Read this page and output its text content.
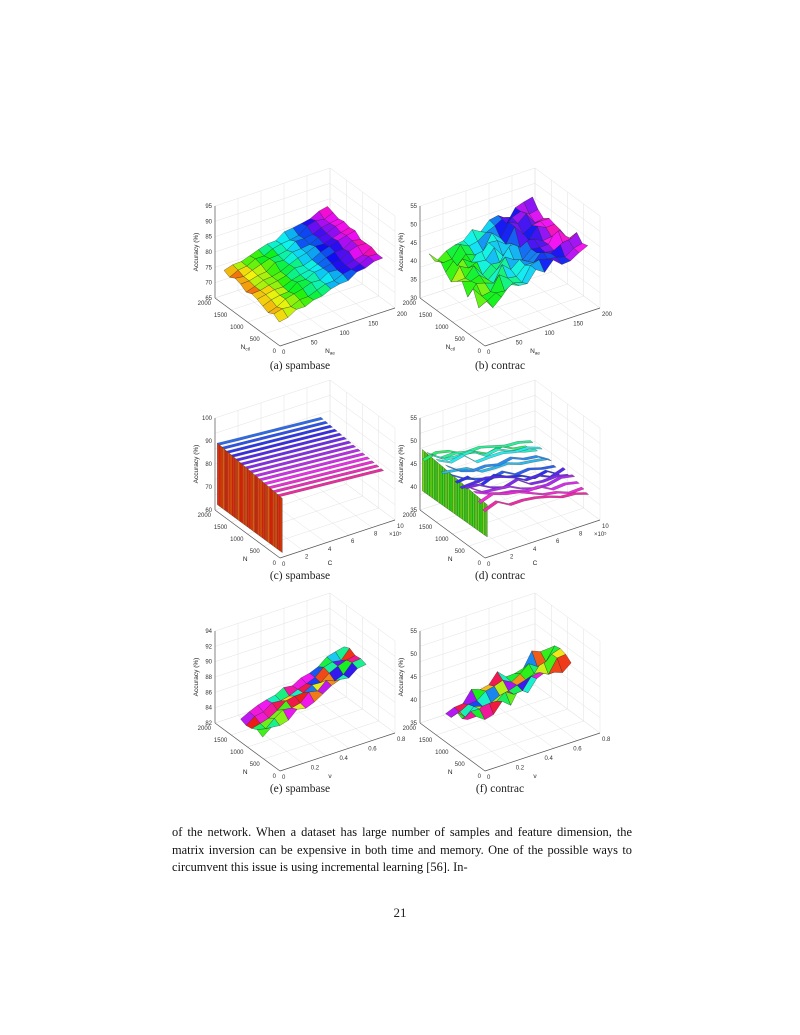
95
90
85
80
75
70
65
Accuracy (%)
2000
1500
1000
500
0
$N_{ctl}$
0
50
100
150
200
$N_{ae}$
(a) spambase
55
50
45
40
35
30
Accuracy (%)
2000
1500
1000
500
0
$N_{ctl}$
0
50
100
150
200
$N_{ae}$
(b) contrac
100
90
80
70
60
Accuracy (%)
2000
1500
1000
500
0
N
0
2
4
6
8
10
C
×10⁵
(c) spambase
55
50
45
40
35
Accuracy (%)
2000
1500
1000
500
0
N
0
2
4
6
8
10
C
×10⁵
(d) contrac
94
92
90
88
86
84
82
Accuracy (%)
2000
1500
1000
500
0
N
0
0.2
0.4
0.6
0.8
ν
(e) spambase
55
50
45
40
35
Accuracy (%)
2000
1500
1000
500
0
N
0
0.2
0.4
0.6
0.8
ν
(f) contrac

of the network. When a dataset has large number of samples and feature dimension, the matrix inversion can be expensive in both time and memory. One of the possible ways to circumvent this issue is using incremental learning [56]. In-

21
